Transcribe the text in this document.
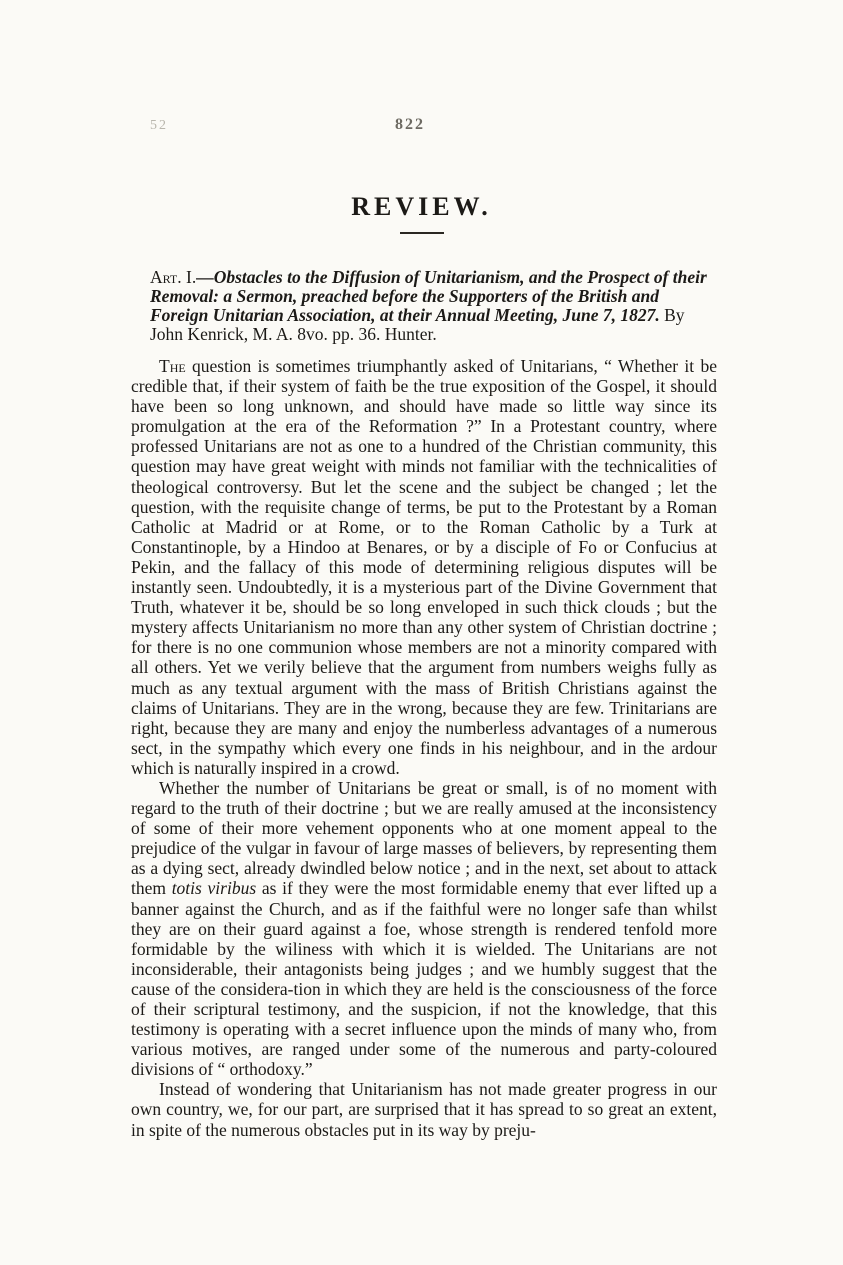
52	822
REVIEW.
Art. I.—Obstacles to the Diffusion of Unitarianism, and the Prospect of their Removal: a Sermon, preached before the Supporters of the British and Foreign Unitarian Association, at their Annual Meeting, June 7, 1827. By John Kenrick, M. A. 8vo. pp. 36. Hunter.

The question is sometimes triumphantly asked of Unitarians, “ Whether it be credible that, if their system of faith be the true exposition of the Gospel, it should have been so long unknown, and should have made so little way since its promulgation at the era of the Reformation ?” In a Protestant country, where professed Unitarians are not as one to a hundred of the Christian community, this question may have great weight with minds not familiar with the technicalities of theological controversy. But let the scene and the subject be changed ; let the question, with the requisite change of terms, be put to the Protestant by a Roman Catholic at Madrid or at Rome, or to the Roman Catholic by a Turk at Constantinople, by a Hindoo at Benares, or by a disciple of Fo or Confucius at Pekin, and the fallacy of this mode of determining religious disputes will be instantly seen. Undoubtedly, it is a mysterious part of the Divine Government that Truth, whatever it be, should be so long enveloped in such thick clouds ; but the mystery affects Unitarianism no more than any other system of Christian doctrine ; for there is no one communion whose members are not a minority compared with all others. Yet we verily believe that the argument from numbers weighs fully as much as any textual argument with the mass of British Christians against the claims of Unitarians. They are in the wrong, because they are few. Trinitarians are right, because they are many and enjoy the numberless advantages of a numerous sect, in the sympathy which every one finds in his neighbour, and in the ardour which is naturally inspired in a crowd.

Whether the number of Unitarians be great or small, is of no moment with regard to the truth of their doctrine ; but we are really amused at the inconsistency of some of their more vehement opponents who at one moment appeal to the prejudice of the vulgar in favour of large masses of believers, by representing them as a dying sect, already dwindled below notice ; and in the next, set about to attack them totis viribus as if they were the most formidable enemy that ever lifted up a banner against the Church, and as if the faithful were no longer safe than whilst they are on their guard against a foe, whose strength is rendered tenfold more formidable by the wiliness with which it is wielded. The Unitarians are not inconsiderable, their antagonists being judges ; and we humbly suggest that the cause of the considera-tion in which they are held is the consciousness of the force of their scriptural testimony, and the suspicion, if not the knowledge, that this testimony is operating with a secret influence upon the minds of many who, from various motives, are ranged under some of the numerous and party-coloured divisions of “ orthodoxy.”

Instead of wondering that Unitarianism has not made greater progress in our own country, we, for our part, are surprised that it has spread to so great an extent, in spite of the numerous obstacles put in its way by preju-
